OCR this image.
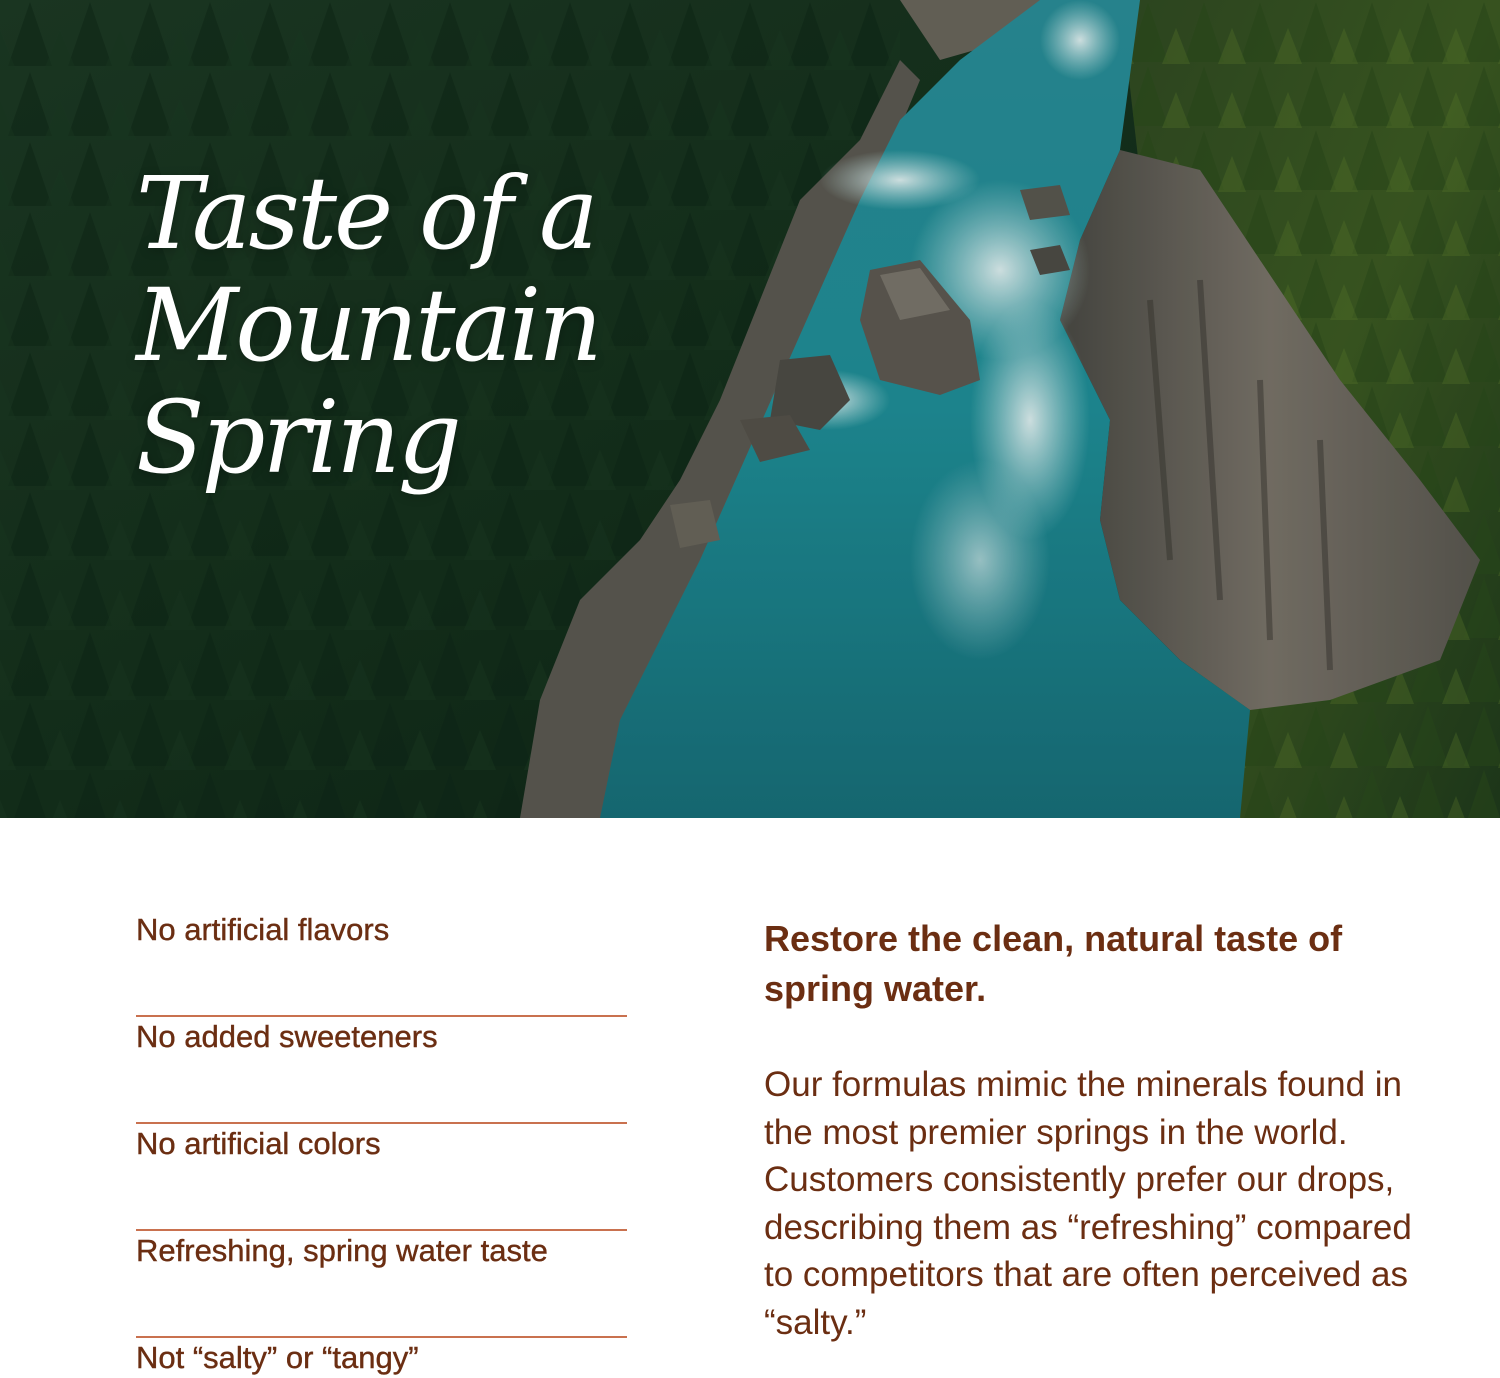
Taste of a
Mountain
Spring
No artificial flavors
No added sweeteners
No artificial colors
Refreshing, spring water taste
Not “salty” or “tangy”
Restore the clean, natural taste of spring water.

Our formulas mimic the minerals found in the most premier springs in the world. Customers consistently prefer our drops, describing them as “refreshing” compared to competitors that are often perceived as “salty.”
